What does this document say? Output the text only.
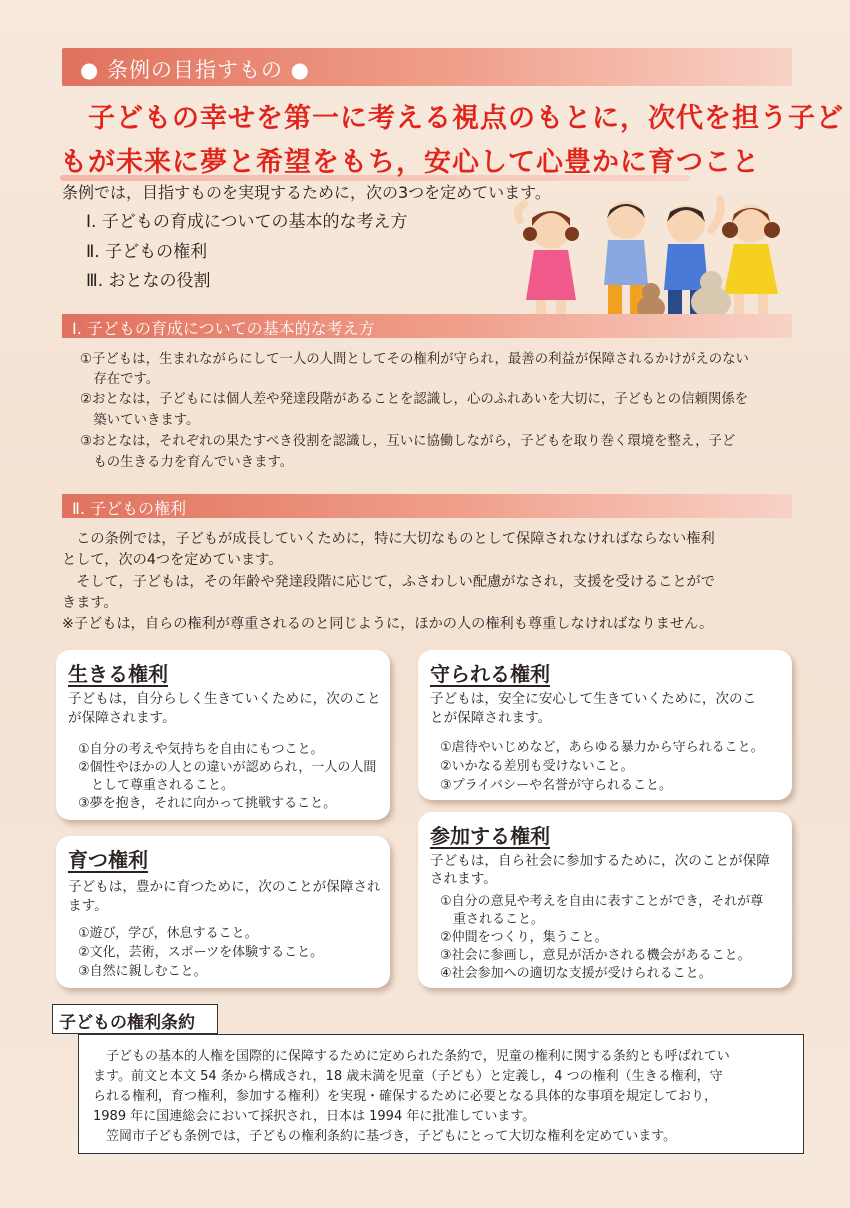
● 条例の目指すもの ●
子どもの幸せを第一に考える視点のもとに，次代を担う子ど
もが未来に夢と希望をもち，安心して心豊かに育つこと
条例では，目指すものを実現するために，次の3つを定めています。
Ⅰ. 子どもの育成についての基本的な考え方
Ⅱ. 子どもの権利
Ⅲ. おとなの役割
Ⅰ. 子どもの育成についての基本的な考え方
①子どもは，生まれながらにして一人の人間としてその権利が守られ，最善の利益が保障されるかけがえのない
　存在です。
②おとなは，子どもには個人差や発達段階があることを認識し，心のふれあいを大切に，子どもとの信頼関係を
　築いていきます。
③おとなは，それぞれの果たすべき役割を認識し，互いに協働しながら，子どもを取り巻く環境を整え，子ど
　もの生きる力を育んでいきます。
Ⅱ. 子どもの権利
　この条例では，子どもが成長していくために，特に大切なものとして保障されなければならない権利
として，次の4つを定めています。
　そして，子どもは，その年齢や発達段階に応じて，ふさわしい配慮がなされ，支援を受けることがで
きます。
※子どもは，自らの権利が尊重されるのと同じように，ほかの人の権利も尊重しなければなりません。
生きる権利
子どもは，自分らしく生きていくために，次のこと
が保障されます。
①自分の考えや気持ちを自由にもつこと。
②個性やほかの人との違いが認められ，一人の人間
　として尊重されること。
③夢を抱き，それに向かって挑戦すること。
守られる権利
子どもは，安全に安心して生きていくために，次のこ
とが保障されます。
①虐待やいじめなど，あらゆる暴力から守られること。
②いかなる差別も受けないこと。
③プライバシーや名誉が守られること。
育つ権利
子どもは，豊かに育つために，次のことが保障され
ます。
①遊び，学び，休息すること。
②文化，芸術，スポーツを体験すること。
③自然に親しむこと。
参加する権利
子どもは，自ら社会に参加するために，次のことが保障
されます。
①自分の意見や考えを自由に表すことができ，それが尊
　重されること。
②仲間をつくり，集うこと。
③社会に参画し，意見が活かされる機会があること。
④社会参加への適切な支援が受けられること。
　子どもの基本的人権を国際的に保障するために定められた条約で，児童の権利に関する条約とも呼ばれてい
ます。前文と本文 54 条から構成され，18 歳未満を児童（子ども）と定義し，4 つの権利（生きる権利，守
られる権利，育つ権利，参加する権利）を実現・確保するために必要となる具体的な事項を規定しており，
1989 年に国連総会において採択され，日本は 1994 年に批准しています。
　笠岡市子ども条例では，子どもの権利条約に基づき，子どもにとって大切な権利を定めています。
子どもの権利条約
